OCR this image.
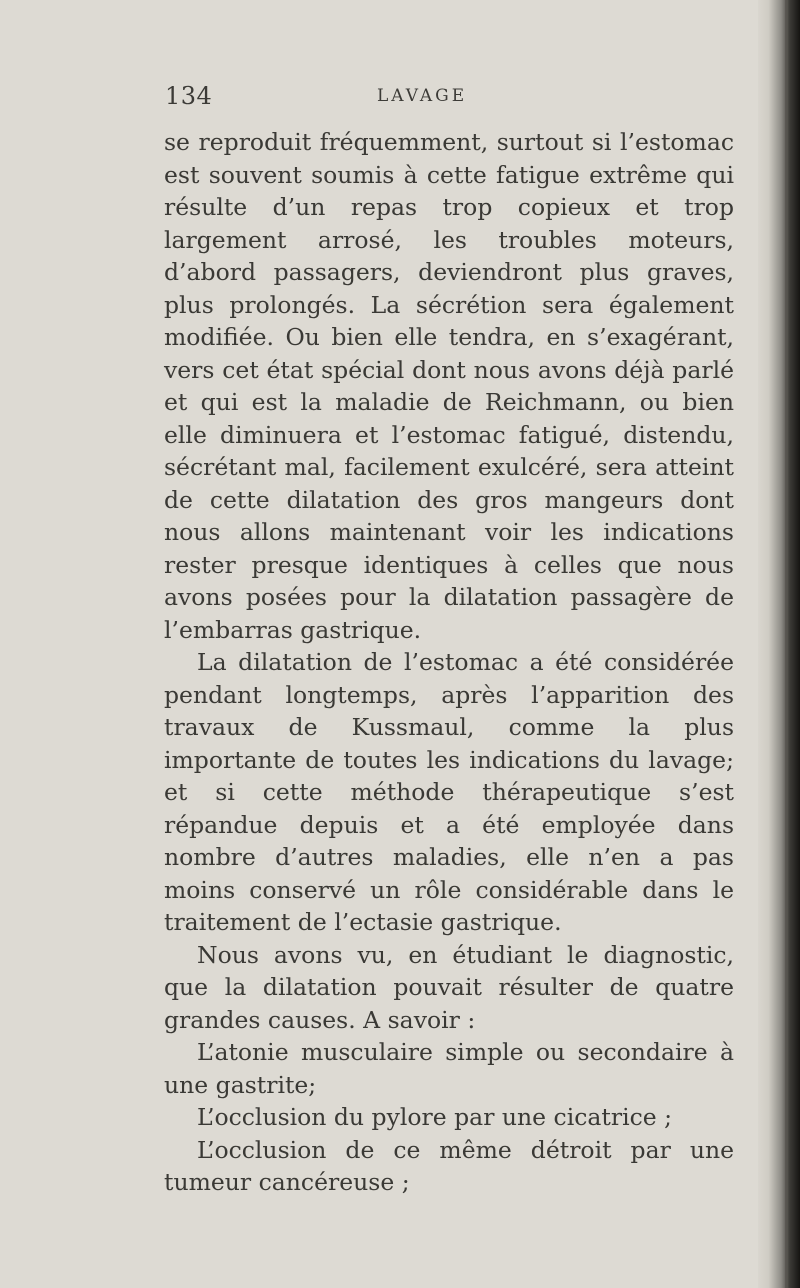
134	LAVAGE

se reproduit fréquemment, surtout si l’estomac est souvent soumis à cette fatigue extrême qui résulte d’un repas trop copieux et trop largement arrosé, les troubles moteurs, d’abord passagers, deviendront plus graves, plus prolongés. La sécrétion sera également modifiée. Ou bien elle tendra, en s’exagérant, vers cet état spécial dont nous avons déjà parlé et qui est la maladie de Reichmann, ou bien elle diminuera et l’estomac fatigué, distendu, sécrétant mal, facilement exulcéré, sera atteint de cette dilatation des gros mangeurs dont nous allons maintenant voir les indications rester presque identiques à celles que nous avons posées pour la dilatation passagère de l’embarras gastrique.

La dilatation de l’estomac a été considérée pendant longtemps, après l’apparition des travaux de Kussmaul, comme la plus importante de toutes les indications du lavage; et si cette méthode thérapeutique s’est répandue depuis et a été employée dans nombre d’autres maladies, elle n’en a pas moins conservé un rôle considérable dans le traitement de l’ectasie gastrique.

Nous avons vu, en étudiant le diagnostic, que la dilatation pouvait résulter de quatre grandes causes. A savoir :

L’atonie musculaire simple ou secondaire à une gastrite;

L’occlusion du pylore par une cicatrice ;

L’occlusion de ce même détroit par une tumeur cancéreuse ;
